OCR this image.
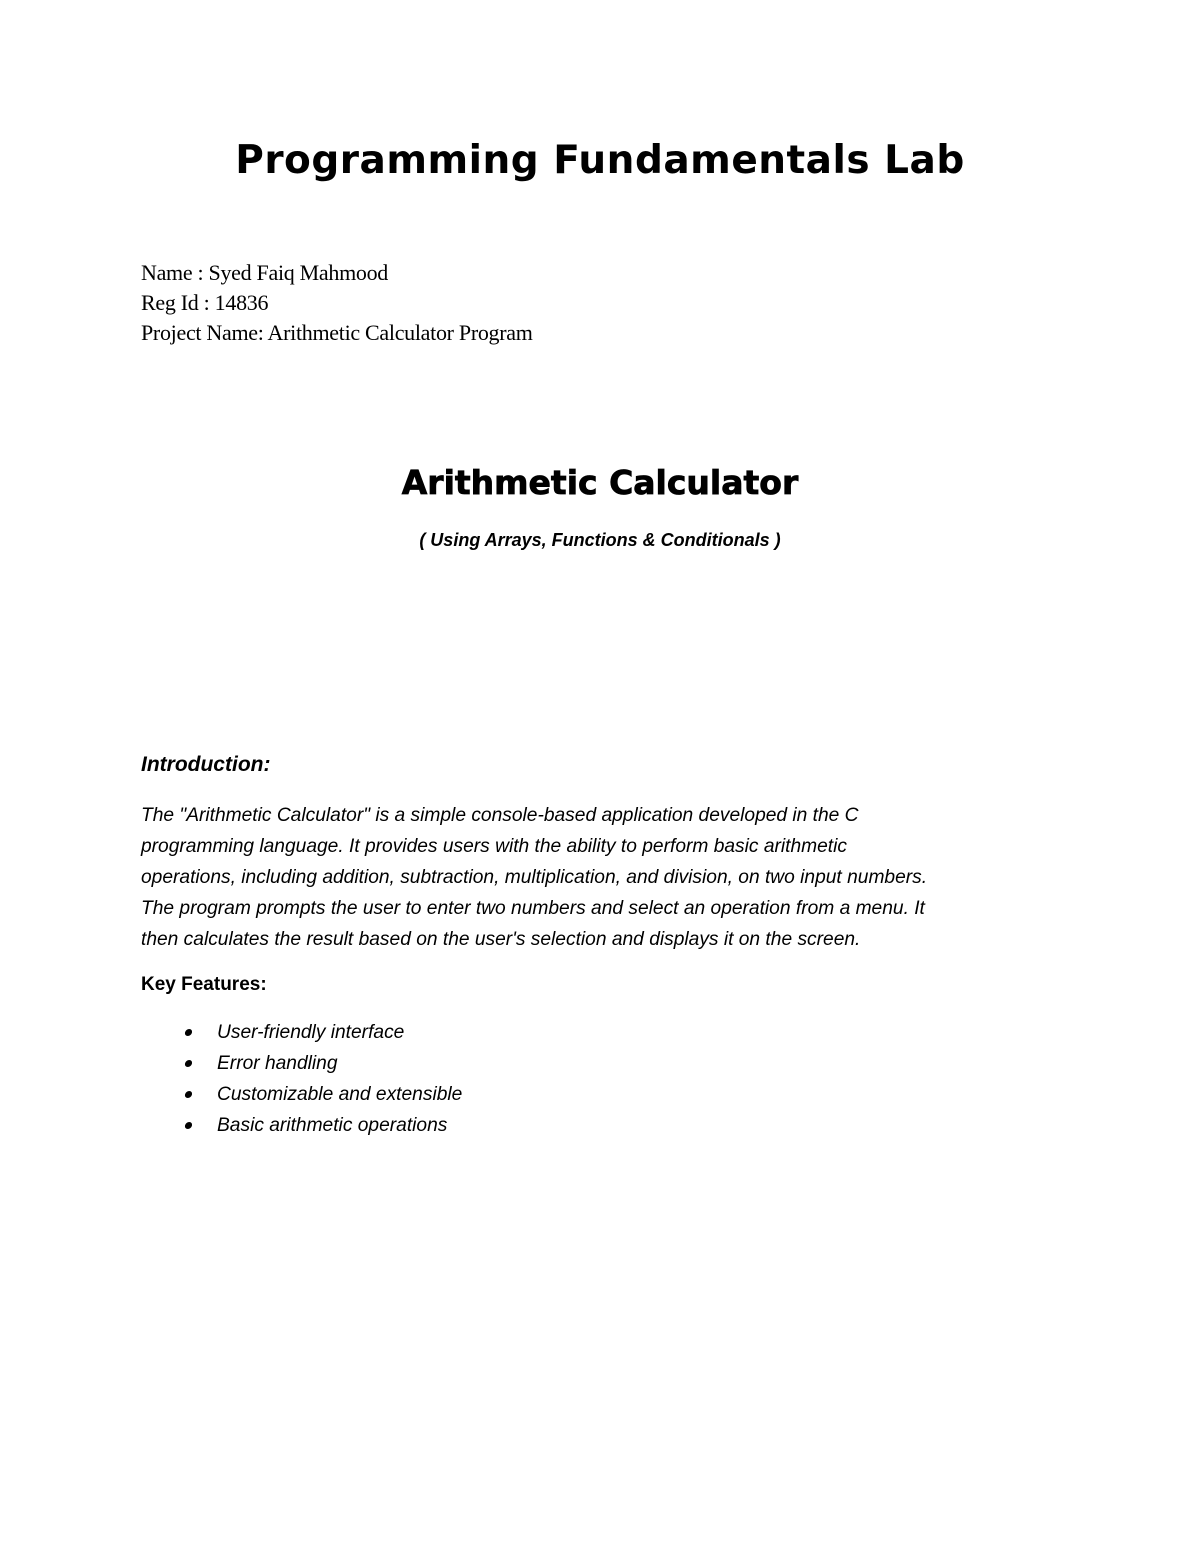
Programming Fundamentals Lab
Name : Syed Faiq Mahmood
Reg Id : 14836
Project Name: Arithmetic Calculator Program
Arithmetic Calculator
( Using Arrays, Functions & Conditionals )
Introduction:
The "Arithmetic Calculator" is a simple console-based application developed in the C
programming language. It provides users with the ability to perform basic arithmetic
operations, including addition, subtraction, multiplication, and division, on two input numbers.
The program prompts the user to enter two numbers and select an operation from a menu. It
then calculates the result based on the user's selection and displays it on the screen.
Key Features:
User-friendly interface
Error handling
Customizable and extensible
Basic arithmetic operations
